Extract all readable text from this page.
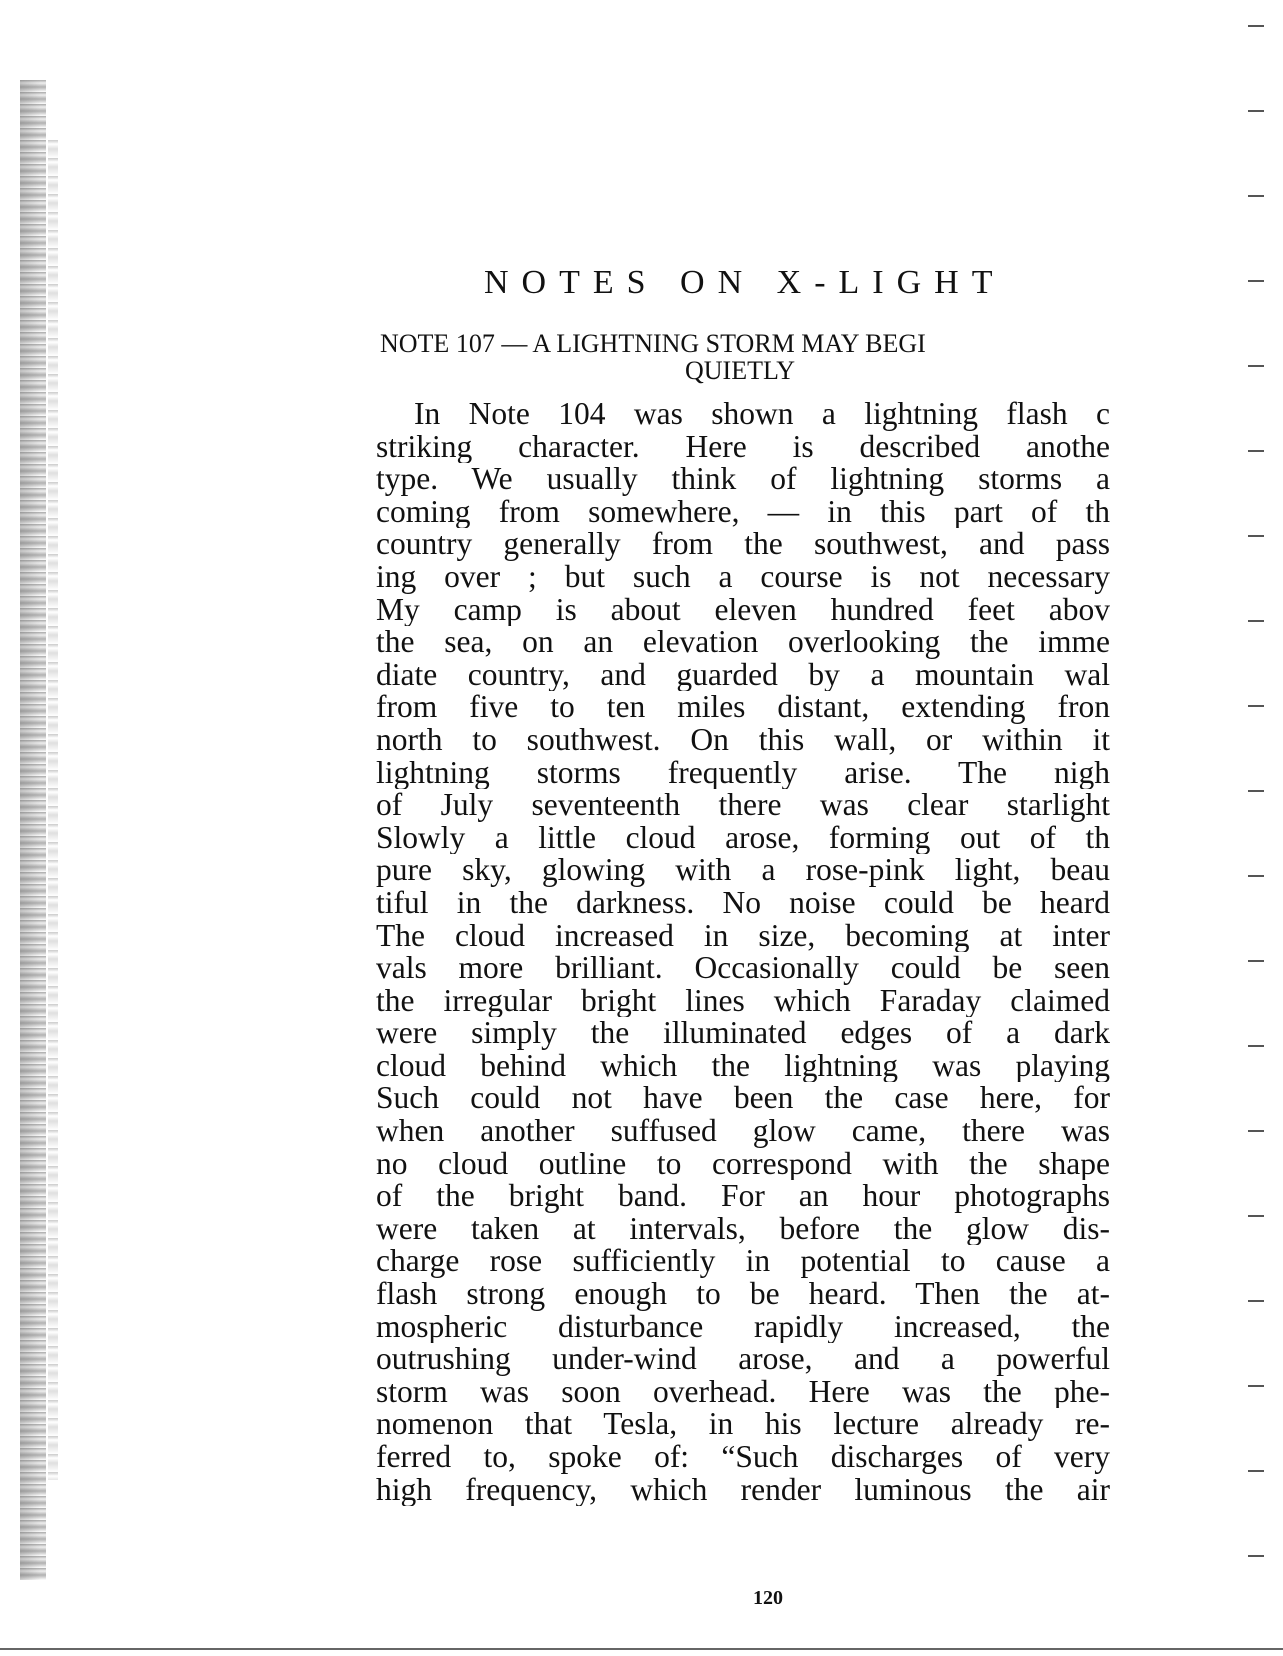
NOTES ON X-LIGHT
NOTE 107 — A LIGHTNING STORM MAY BEGI
QUIETLY
In Note 104 was shown a lightning flash c
striking character. Here is described anothe
type. We usually think of lightning storms a
coming from somewhere, — in this part of th
country generally from the southwest, and pass
ing over ; but such a course is not necessary
My camp is about eleven hundred feet abov
the sea, on an elevation overlooking the imme
diate country, and guarded by a mountain wal
from five to ten miles distant, extending fron
north to southwest. On this wall, or within it
lightning storms frequently arise. The nigh
of July seventeenth there was clear starlight
Slowly a little cloud arose, forming out of th
pure sky, glowing with a rose-pink light, beau
tiful in the darkness. No noise could be heard
The cloud increased in size, becoming at inter
vals more brilliant. Occasionally could be seen
the irregular bright lines which Faraday claimed
were simply the illuminated edges of a dark
cloud behind which the lightning was playing
Such could not have been the case here, for
when another suffused glow came, there was
no cloud outline to correspond with the shape
of the bright band. For an hour photographs
were taken at intervals, before the glow dis-
charge rose sufficiently in potential to cause a
flash strong enough to be heard. Then the at-
mospheric disturbance rapidly increased, the
outrushing under-wind arose, and a powerful
storm was soon overhead. Here was the phe-
nomenon that Tesla, in his lecture already re-
ferred to, spoke of: “Such discharges of very
high frequency, which render luminous the air
120
